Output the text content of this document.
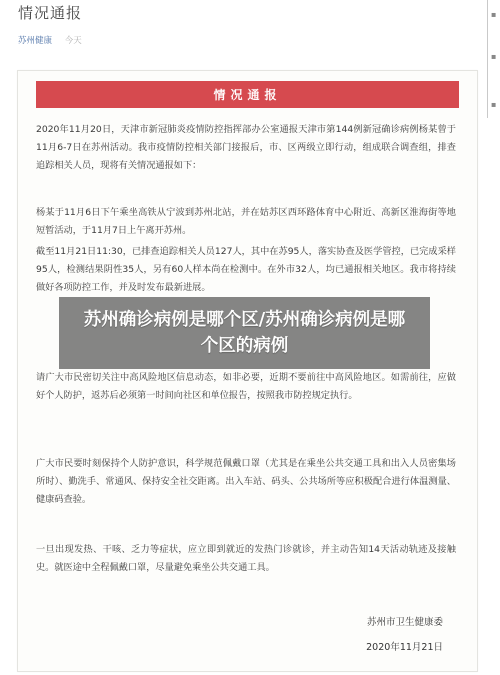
情况通报
苏州健康 今天
▪
▪
▪
情况通报

2020年11月20日，天津市新冠肺炎疫情防控指挥部办公室通报天津市第144例新冠确诊病例杨某曾于11月6-7日在苏州活动。我市疫情防控相关部门接报后，市、区两级立即行动，组成联合调查组，排查追踪相关人员，现将有关情况通报如下：

杨某于11月6日下午乘坐高铁从宁波到苏州北站，并在姑苏区西环路体育中心附近、高新区淮海街等地短暂活动，于11月7日上午离开苏州。

截至11月21日11:30，已排查追踪相关人员127人，其中在苏95人，落实协查及医学管控，已完成采样95人，检测结果阴性35人，另有60人样本尚在检测中。在外市32人，均已通报相关地区。我市将持续做好各项防控工作，并及时发布最新进展。

请广大市民密切关注中高风险地区信息动态，如非必要，近期不要前往中高风险地区。如需前往，应做好个人防护，返苏后必须第一时间向社区和单位报告，按照我市防控规定执行。

广大市民要时刻保持个人防护意识，科学规范佩戴口罩（尤其是在乘坐公共交通工具和出入人员密集场所时）、勤洗手、常通风、保持安全社交距离。出入车站、码头、公共场所等应积极配合进行体温测量、健康码查验。

一旦出现发热、干咳、乏力等症状，应立即到就近的发热门诊就诊，并主动告知14天活动轨迹及接触史。就医途中全程佩戴口罩，尽量避免乘坐公共交通工具。

苏州市卫生健康委
2020年11月21日
苏州确诊病例是哪个区/苏州确诊病例是哪个区的病例
